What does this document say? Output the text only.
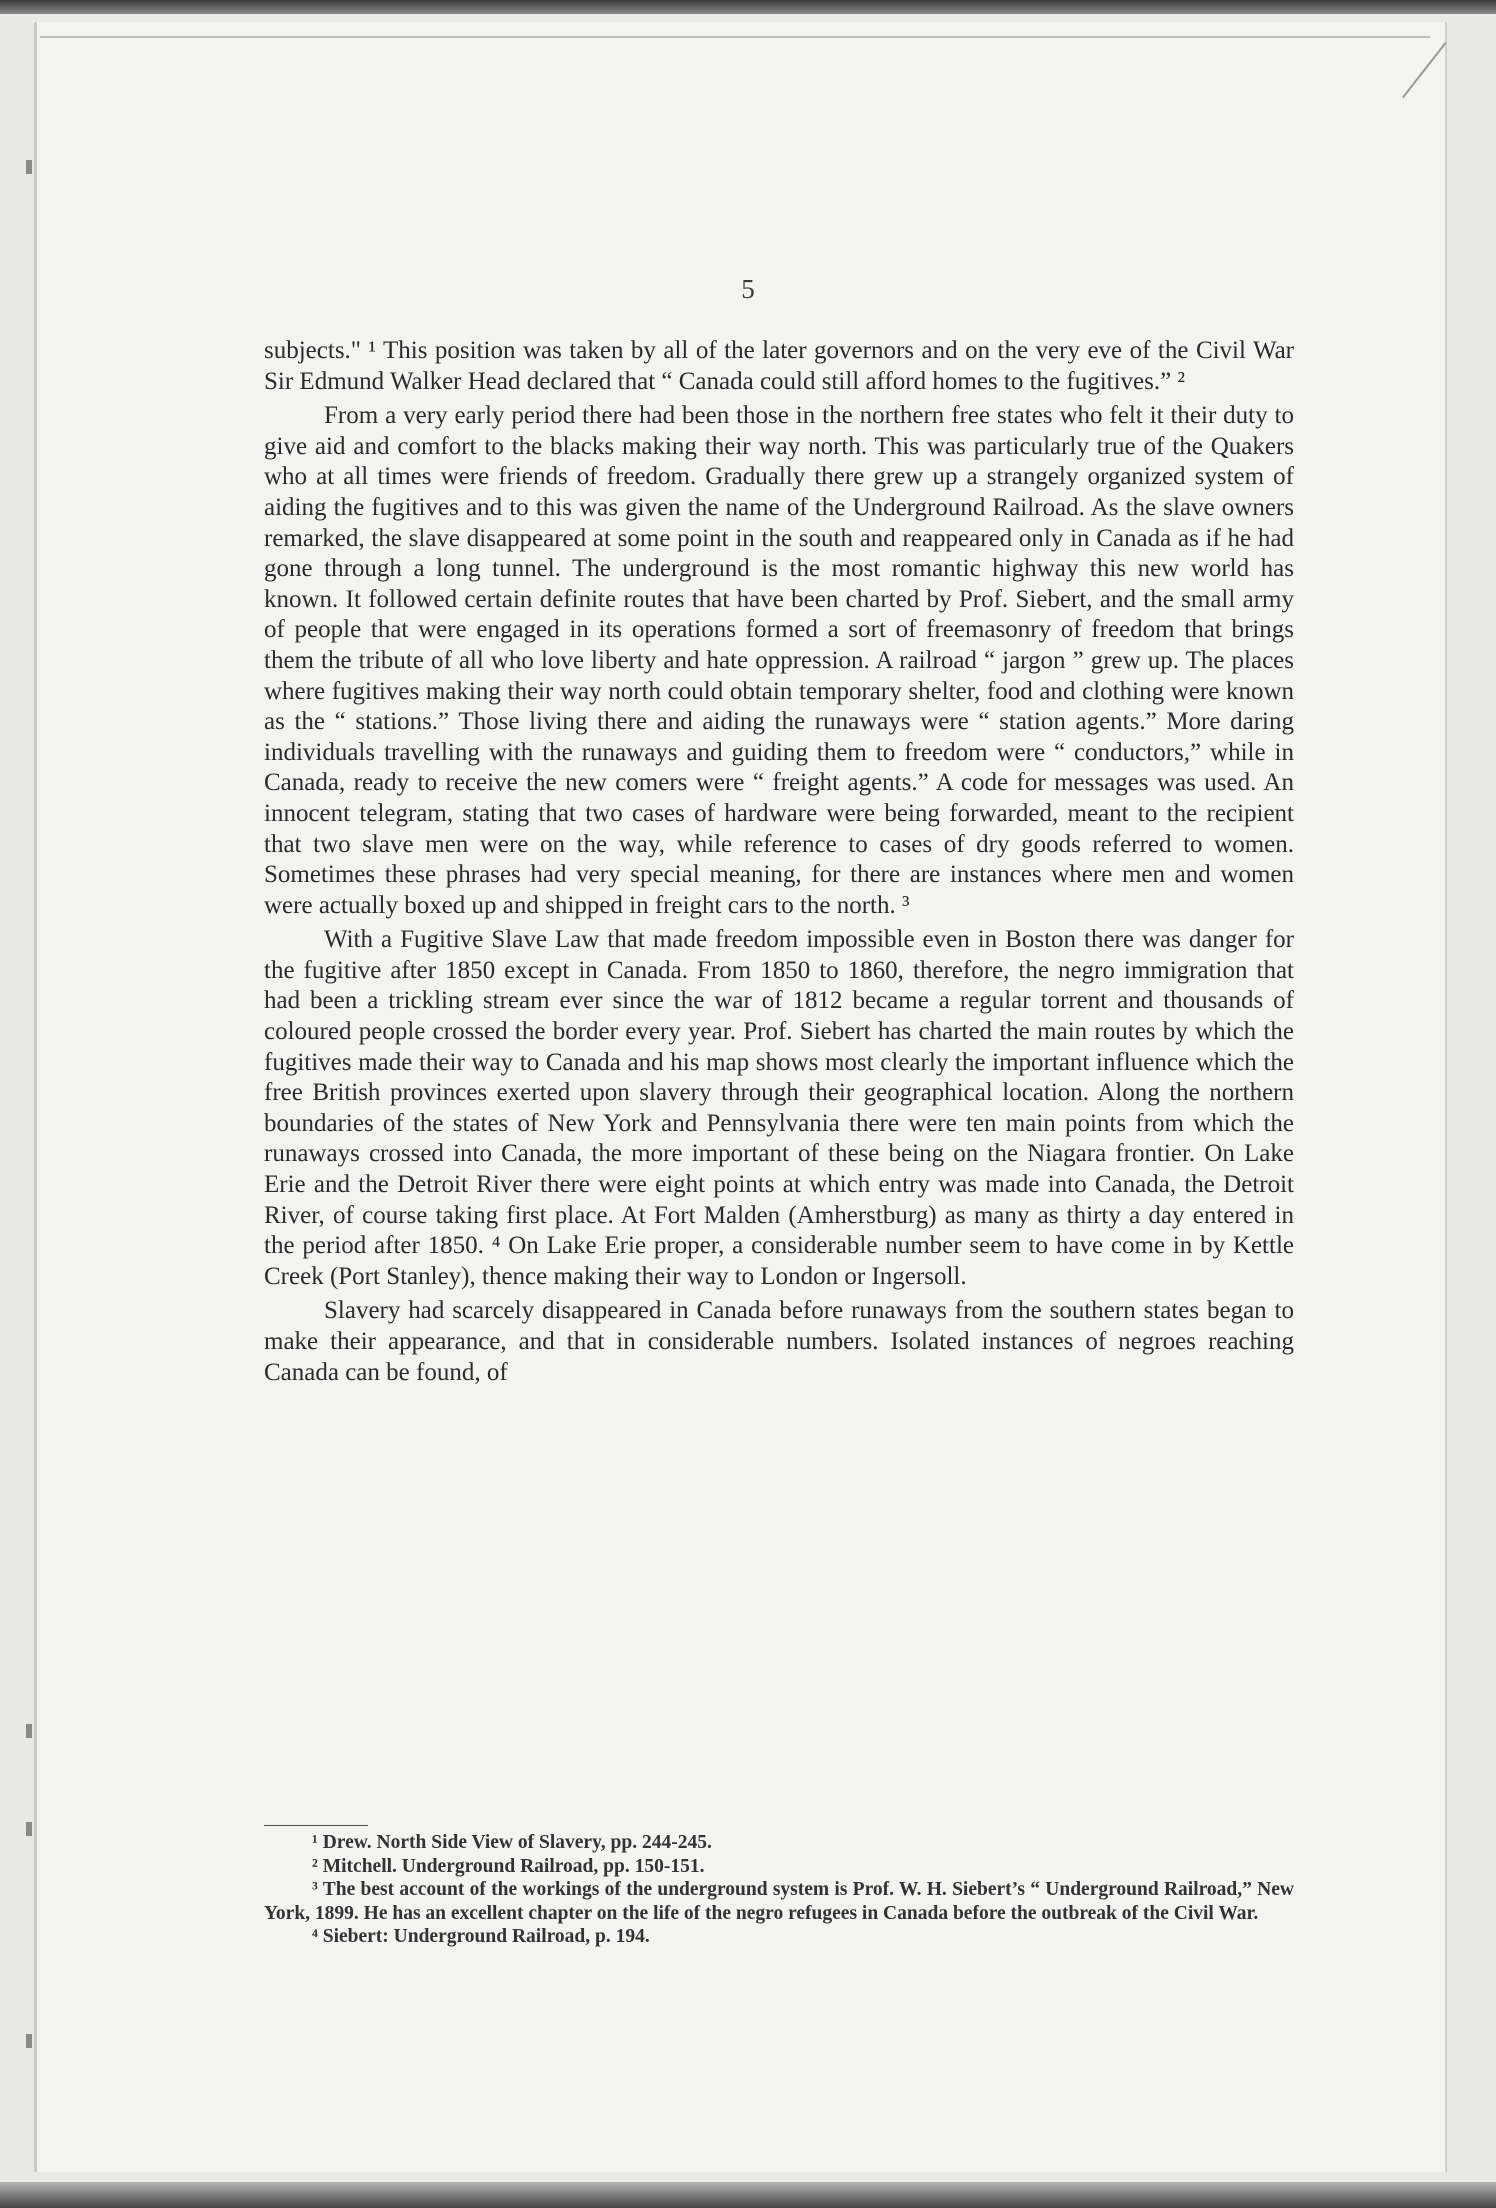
5

subjects." ¹ This position was taken by all of the later governors and on the very eve of the Civil War Sir Edmund Walker Head declared that “ Canada could still afford homes to the fugitives.” ²

From a very early period there had been those in the northern free states who felt it their duty to give aid and comfort to the blacks making their way north. This was particularly true of the Quakers who at all times were friends of freedom. Gradually there grew up a strangely organized system of aiding the fugitives and to this was given the name of the Underground Railroad. As the slave owners remarked, the slave disappeared at some point in the south and reappeared only in Canada as if he had gone through a long tunnel. The underground is the most romantic highway this new world has known. It followed certain definite routes that have been charted by Prof. Siebert, and the small army of people that were engaged in its operations formed a sort of freemasonry of freedom that brings them the tribute of all who love liberty and hate oppression. A railroad “ jargon ” grew up. The places where fugitives making their way north could obtain temporary shelter, food and clothing were known as the “ stations.” Those living there and aiding the runaways were “ station agents.” More daring individuals travelling with the runaways and guiding them to freedom were “ conductors,” while in Canada, ready to receive the new comers were “ freight agents.” A code for messages was used. An innocent telegram, stating that two cases of hardware were being forwarded, meant to the recipient that two slave men were on the way, while reference to cases of dry goods referred to women. Sometimes these phrases had very special meaning, for there are instances where men and women were actually boxed up and shipped in freight cars to the north. ³

With a Fugitive Slave Law that made freedom impossible even in Boston there was danger for the fugitive after 1850 except in Canada. From 1850 to 1860, therefore, the negro immigration that had been a trickling stream ever since the war of 1812 became a regular torrent and thousands of coloured people crossed the border every year. Prof. Siebert has charted the main routes by which the fugitives made their way to Canada and his map shows most clearly the important influence which the free British provinces exerted upon slavery through their geographical location. Along the northern boundaries of the states of New York and Pennsylvania there were ten main points from which the runaways crossed into Canada, the more important of these being on the Niagara frontier. On Lake Erie and the Detroit River there were eight points at which entry was made into Canada, the Detroit River, of course taking first place. At Fort Malden (Amherstburg) as many as thirty a day entered in the period after 1850. ⁴ On Lake Erie proper, a considerable number seem to have come in by Kettle Creek (Port Stanley), thence making their way to London or Ingersoll.

Slavery had scarcely disappeared in Canada before runaways from the southern states began to make their appearance, and that in considerable numbers. Isolated instances of negroes reaching Canada can be found, of

¹ Drew. North Side View of Slavery, pp. 244-245.

² Mitchell. Underground Railroad, pp. 150-151.

³ The best account of the workings of the underground system is Prof. W. H. Siebert’s “ Underground Railroad,” New York, 1899. He has an excellent chapter on the life of the negro refugees in Canada before the outbreak of the Civil War.

⁴ Siebert: Underground Railroad, p. 194.
